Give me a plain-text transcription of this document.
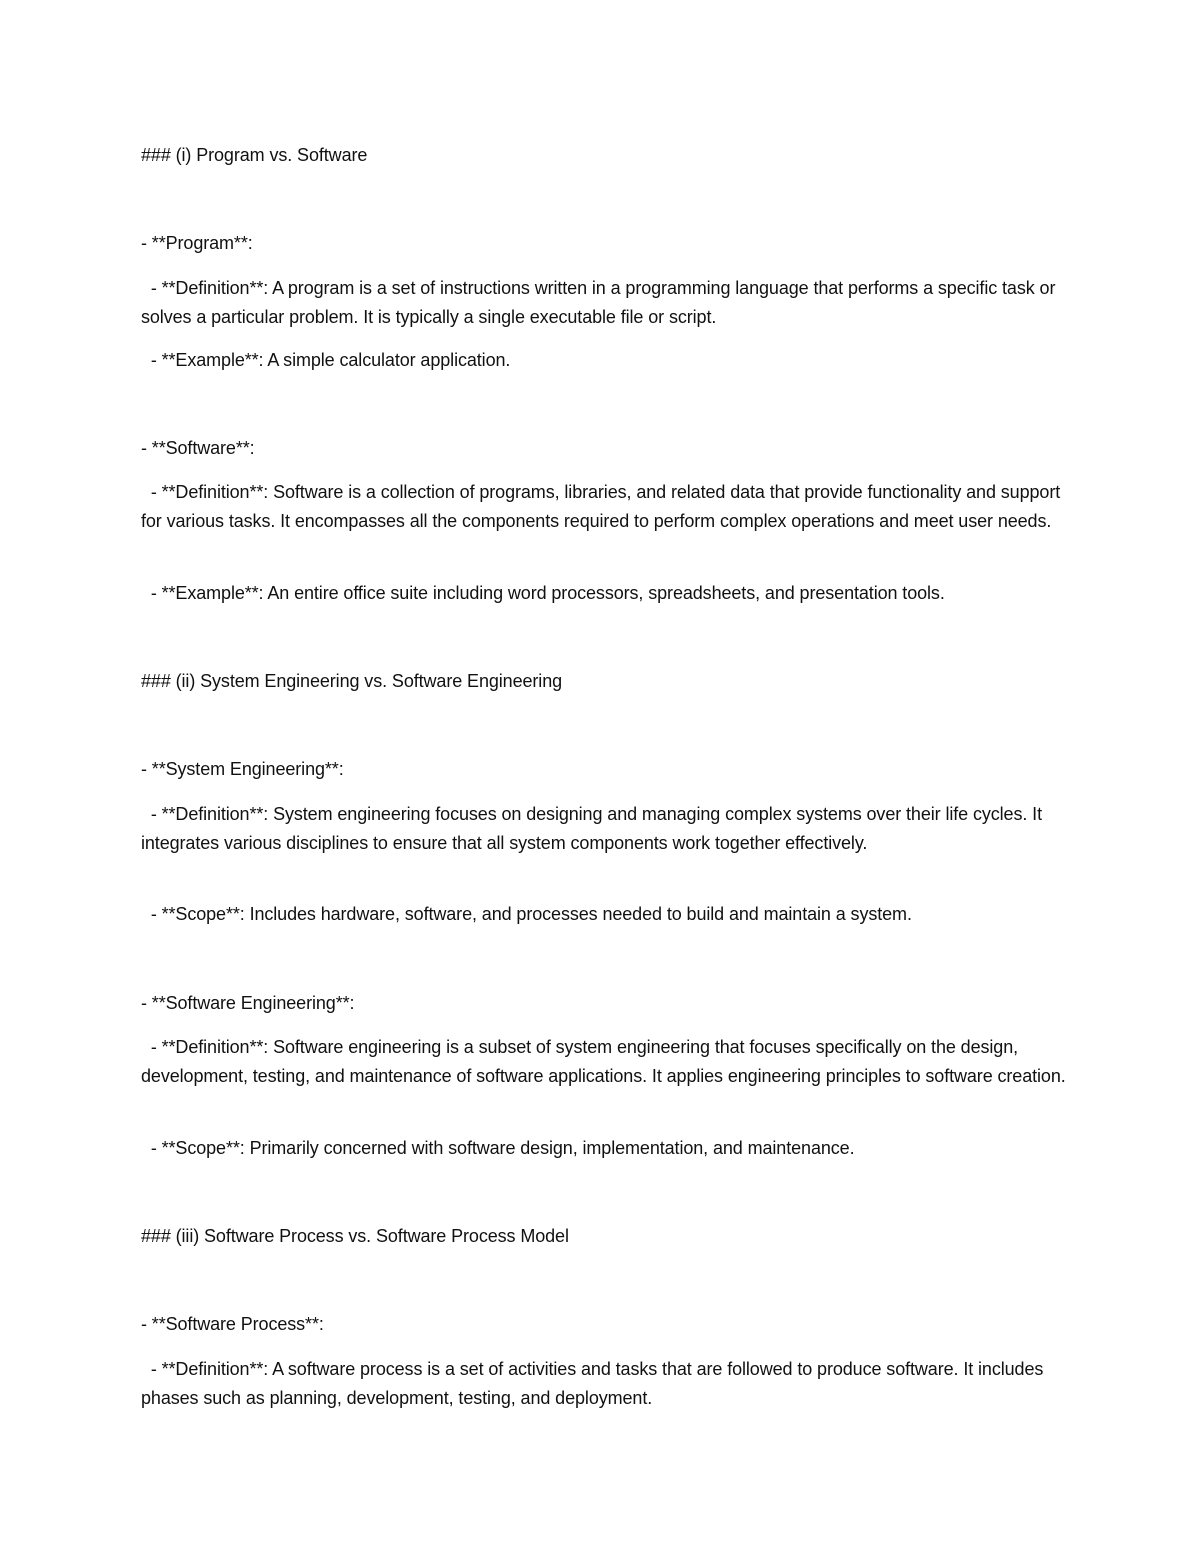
### (i) Program vs. Software

- **Program**:

- **Definition**: A program is a set of instructions written in a programming language that performs a specific task or solves a particular problem. It is typically a single executable file or script.

- **Example**: A simple calculator application.

- **Software**:

- **Definition**: Software is a collection of programs, libraries, and related data that provide functionality and support for various tasks. It encompasses all the components required to perform complex operations and meet user needs.

- **Example**: An entire office suite including word processors, spreadsheets, and presentation tools.

### (ii) System Engineering vs. Software Engineering

- **System Engineering**:

- **Definition**: System engineering focuses on designing and managing complex systems over their life cycles. It integrates various disciplines to ensure that all system components work together effectively.

- **Scope**: Includes hardware, software, and processes needed to build and maintain a system.

- **Software Engineering**:

- **Definition**: Software engineering is a subset of system engineering that focuses specifically on the design, development, testing, and maintenance of software applications. It applies engineering principles to software creation.

- **Scope**: Primarily concerned with software design, implementation, and maintenance.

### (iii) Software Process vs. Software Process Model

- **Software Process**:

- **Definition**: A software process is a set of activities and tasks that are followed to produce software. It includes phases such as planning, development, testing, and deployment.
